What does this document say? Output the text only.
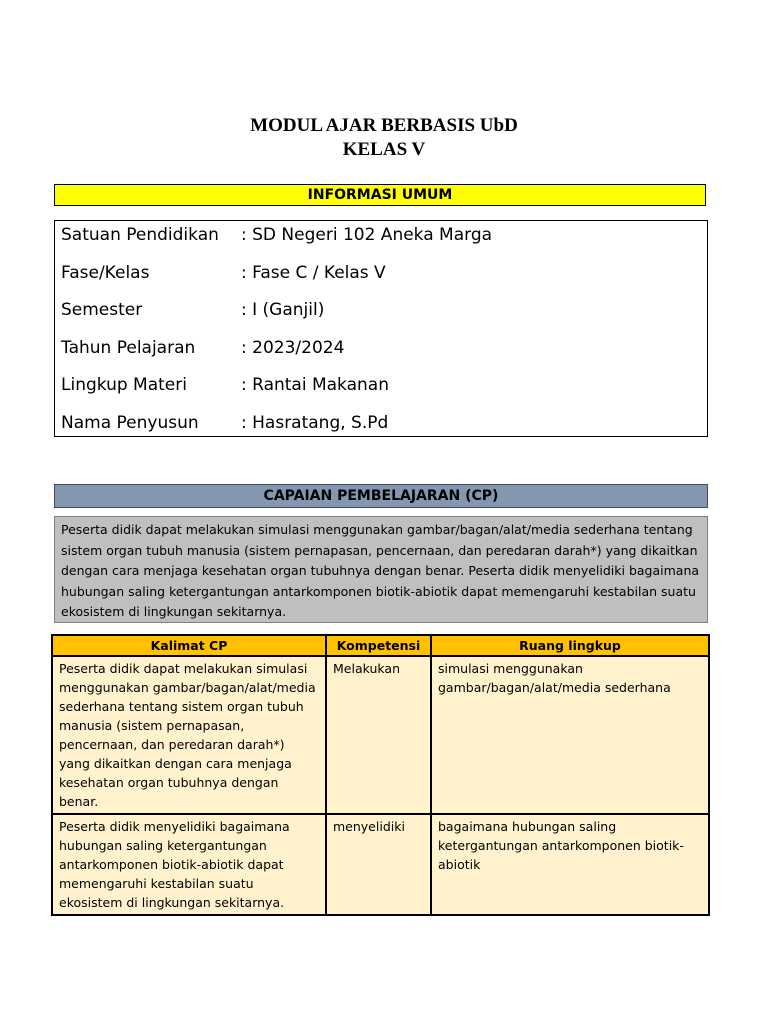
MODUL AJAR BERBASIS UbD
KELAS V
INFORMASI UMUM
Satuan Pendidikan : SD Negeri 102 Aneka Marga
Fase/Kelas	: Fase C / Kelas V
Semester	: I (Ganjil)
Tahun Pelajaran	: 2023/2024
Lingkup Materi	: Rantai Makanan
Nama Penyusun : Hasratang, S.Pd
CAPAIAN PEMBELAJARAN (CP)
Peserta didik dapat melakukan simulasi menggunakan gambar/bagan/alat/media sederhana tentang sistem organ tubuh manusia (sistem pernapasan, pencernaan, dan peredaran darah*) yang dikaitkan dengan cara menjaga kesehatan organ tubuhnya dengan benar. Peserta didik menyelidiki bagaimana hubungan saling ketergantungan antarkomponen biotik-abiotik dapat memengaruhi kestabilan suatu ekosistem di lingkungan sekitarnya.
Kalimat CP	Kompetensi	Ruang lingkup
Peserta didik dapat melakukan simulasi menggunakan gambar/bagan/alat/media sederhana tentang sistem organ tubuh manusia (sistem pernapasan, pencernaan, dan peredaran darah*) yang dikaitkan dengan cara menjaga kesehatan organ tubuhnya dengan benar.	Melakukan	simulasi menggunakan gambar/bagan/alat/media sederhana
Peserta didik menyelidiki bagaimana hubungan saling ketergantungan antarkomponen biotik-abiotik dapat memengaruhi kestabilan suatu ekosistem di lingkungan sekitarnya.	menyelidiki	bagaimana hubungan saling ketergantungan antarkomponen biotik-abiotik
